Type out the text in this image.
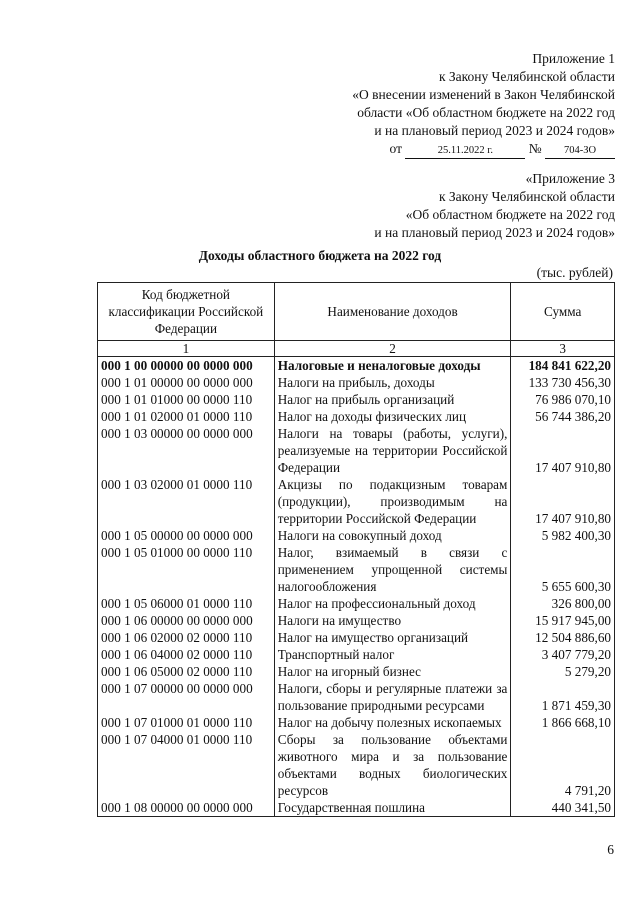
Приложение 1
к Закону Челябинской области
«О внесении изменений в Закон Челябинской
области «Об областном бюджете на 2022 год
и на плановый период 2023 и 2024 годов»
от	25.11.2022 г.	№ 704-ЗО
«Приложение 3
к Закону Челябинской области
«Об областном бюджете на 2022 год
и на плановый период 2023 и 2024 годов»
Доходы областного бюджета на 2022 год
(тыс. рублей)
Код бюджетной классификации Российской Федерации	Наименование доходов	Сумма
1	2	3
000 1 00 00000 00 0000 000	Налоговые и неналоговые доходы	184 841 622,20
000 1 01 00000 00 0000 000	Налоги на прибыль, доходы	133 730 456,30
000 1 01 01000 00 0000 110	Налог на прибыль организаций	76 986 070,10
000 1 01 02000 01 0000 110	Налог на доходы физических лиц	56 744 386,20
000 1 03 00000 00 0000 000	Налоги на товары (работы, услуги), реализуемые на территории Российской Федерации	17 407 910,80
000 1 03 02000 01 0000 110	Акцизы по подакцизным товарам (продукции), производимым на территории Российской Федерации	17 407 910,80
000 1 05 00000 00 0000 000	Налоги на совокупный доход	5 982 400,30
000 1 05 01000 00 0000 110	Налог, взимаемый в связи с применением упрощенной системы налогообложения	5 655 600,30
000 1 05 06000 01 0000 110	Налог на профессиональный доход	326 800,00
000 1 06 00000 00 0000 000	Налоги на имущество	15 917 945,00
000 1 06 02000 02 0000 110	Налог на имущество организаций	12 504 886,60
000 1 06 04000 02 0000 110	Транспортный налог	3 407 779,20
000 1 06 05000 02 0000 110	Налог на игорный бизнес	5 279,20
000 1 07 00000 00 0000 000	Налоги, сборы и регулярные платежи за пользование природными ресурсами	1 871 459,30
000 1 07 01000 01 0000 110	Налог на добычу полезных ископаемых	1 866 668,10
000 1 07 04000 01 0000 110	Сборы за пользование объектами животного мира и за пользование объектами водных биологических ресурсов	4 791,20
000 1 08 00000 00 0000 000	Государственная пошлина	440 341,50
6
